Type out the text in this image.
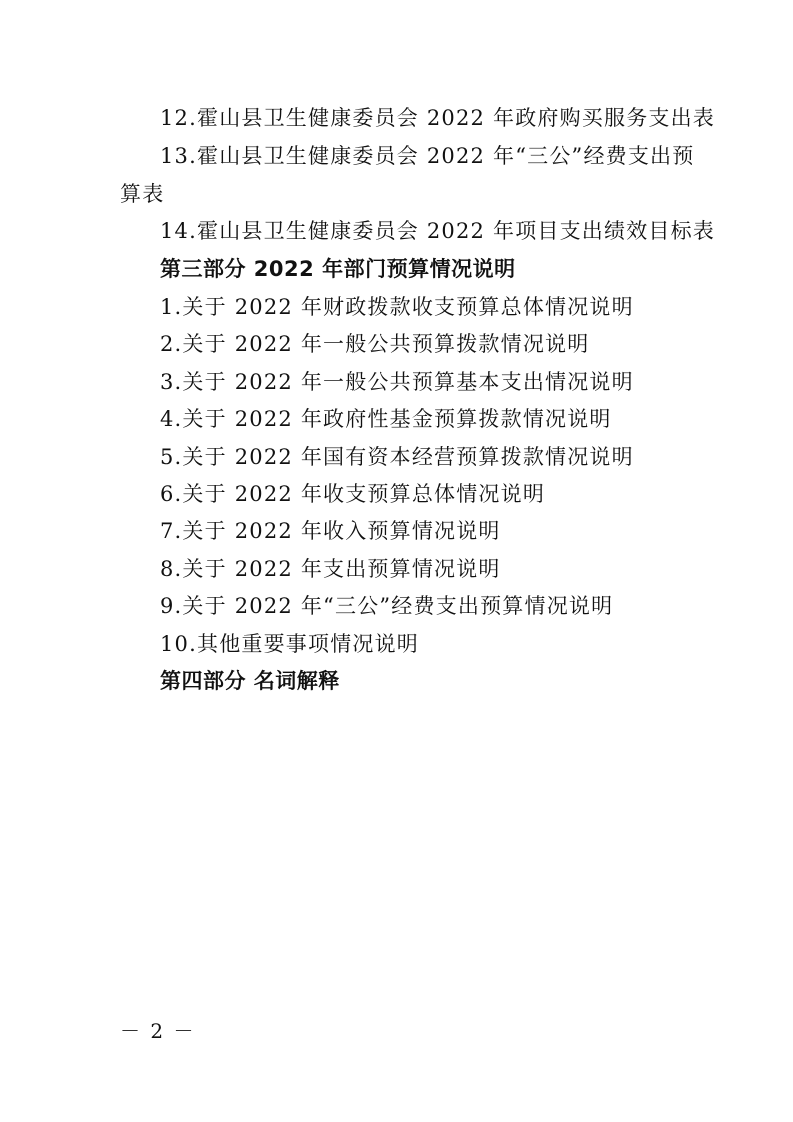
12.霍山县卫生健康委员会 2022 年政府购买服务支出表
13.霍山县卫生健康委员会 2022 年“三公”经费支出预
算表
14.霍山县卫生健康委员会 2022 年项目支出绩效目标表
第三部分 2022 年部门预算情况说明
1.关于 2022 年财政拨款收支预算总体情况说明
2.关于 2022 年一般公共预算拨款情况说明
3.关于 2022 年一般公共预算基本支出情况说明
4.关于 2022 年政府性基金预算拨款情况说明
5.关于 2022 年国有资本经营预算拨款情况说明
6.关于 2022 年收支预算总体情况说明
7.关于 2022 年收入预算情况说明
8.关于 2022 年支出预算情况说明
9.关于 2022 年“三公”经费支出预算情况说明
10.其他重要事项情况说明
第四部分 名词解释
－ 2 －
